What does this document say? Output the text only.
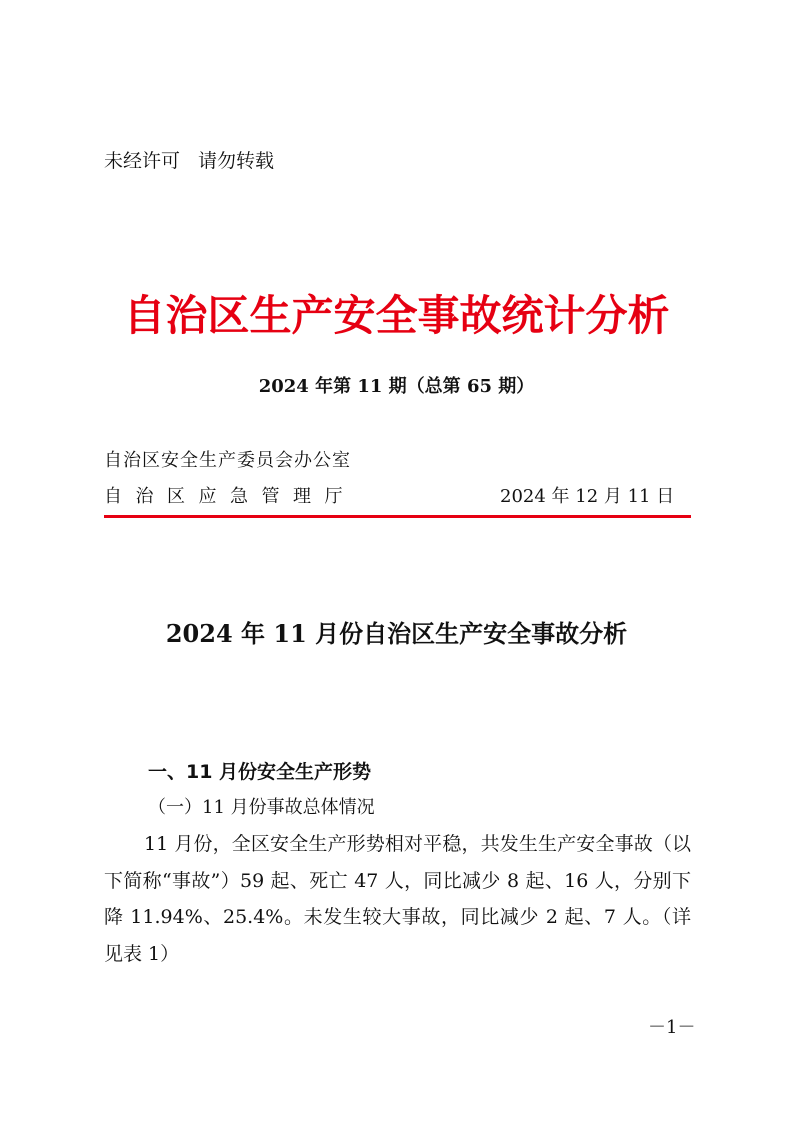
未经许可 请勿转载
自治区生产安全事故统计分析
2024 年第 11 期（总第 65 期）
自治区安全生产委员会办公室
自治区应急管理厅	2024 年 12 月 11 日
2024 年 11 月份自治区生产安全事故分析
一、11 月份安全生产形势
（一）11 月份事故总体情况
11 月份，全区安全生产形势相对平稳，共发生生产安全事故（以下简称“事故”）59 起、死亡 47 人，同比减少 8 起、16 人，分别下降 11.94%、25.4%。未发生较大事故，同比减少 2 起、7 人。（详见表 1）
－1－
